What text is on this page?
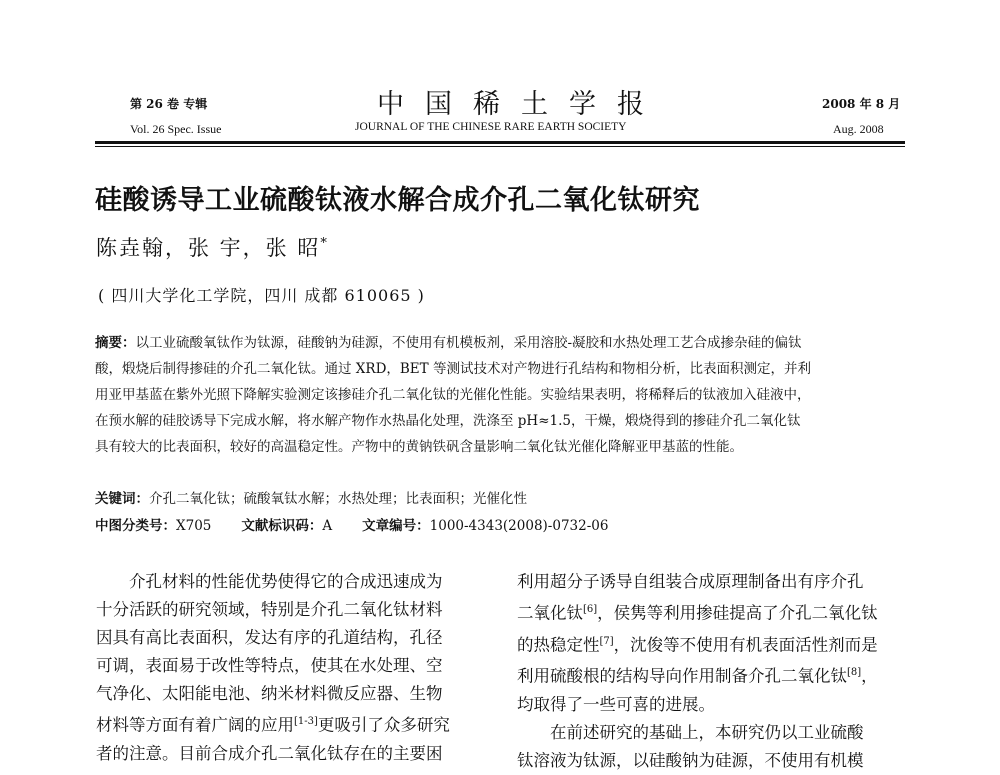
第 26 卷 专辑
Vol. 26 Spec. Issue
中国稀土学报
JOURNAL OF THE CHINESE RARE EARTH SOCIETY
2008 年 8 月
Aug. 2008
硅酸诱导工业硫酸钛液水解合成介孔二氧化钛研究
陈垚翰，张 宇，张 昭*
( 四川大学化工学院，四川 成都 610065 )
摘要：以工业硫酸氧钛作为钛源，硅酸钠为硅源，不使用有机模板剂，采用溶胶-凝胶和水热处理工艺合成掺杂硅的偏钛
酸，煅烧后制得掺硅的介孔二氧化钛。通过 XRD，BET 等测试技术对产物进行孔结构和物相分析，比表面积测定，并利
用亚甲基蓝在紫外光照下降解实验测定该掺硅介孔二氧化钛的光催化性能。实验结果表明，将稀释后的钛液加入硅液中，
在预水解的硅胶诱导下完成水解，将水解产物作水热晶化处理，洗涤至 pH≈1.5，干燥，煅烧得到的掺硅介孔二氧化钛
具有较大的比表面积，较好的高温稳定性。产物中的黄钠铁矾含量影响二氧化钛光催化降解亚甲基蓝的性能。
关键词：介孔二氧化钛；硫酸氧钛水解；水热处理；比表面积；光催化性
中图分类号：X705 文献标识码：A 文章编号：1000-4343(2008)-0732-06
　　介孔材料的性能优势使得它的合成迅速成为
十分活跃的研究领域，特别是介孔二氧化钛材料
因具有高比表面积，发达有序的孔道结构，孔径
可调，表面易于改性等特点，使其在水处理、空
气净化、太阳能电池、纳米材料微反应器、生物
材料等方面有着广阔的应用[1-3]更吸引了众多研究
者的注意。目前合成介孔二氧化钛存在的主要困
利用超分子诱导自组装合成原理制备出有序介孔
二氧化钛[6]，侯隽等利用掺硅提高了介孔二氧化钛
的热稳定性[7]，沈俊等不使用有机表面活性剂而是
利用硫酸根的结构导向作用制备介孔二氧化钛[8]，
均取得了一些可喜的进展。
　　在前述研究的基础上，本研究仍以工业硫酸
钛溶液为钛源，以硅酸钠为硅源，不使用有机模
